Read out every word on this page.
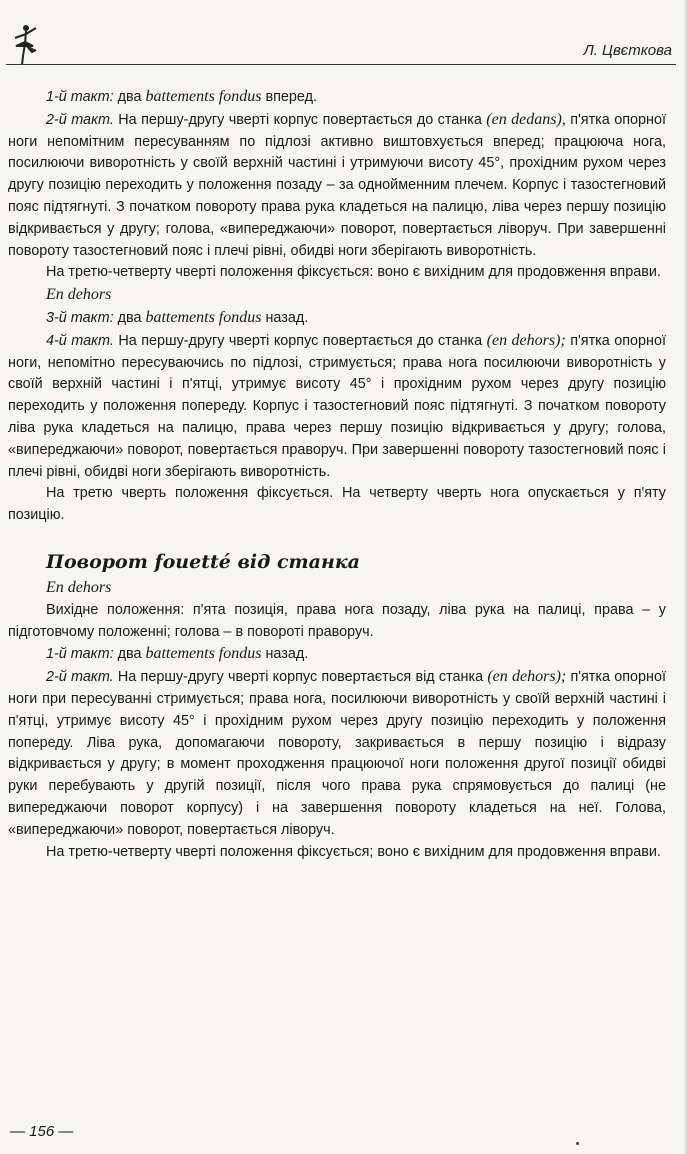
Л. Цвєткова

1-й такт: два battements fondus вперед.

2-й такт. На першу-другу чверті корпус повертається до станка (en dedans), п'ятка опорної ноги непомітним пересуванням по підлозі активно виштовхується вперед; працююча нога, посилюючи виворотність у своїй верхній частині і утримуючи висоту 45°, прохідним рухом через другу позицію переходить у положення позаду – за однойменним плечем. Корпус і тазостегновий пояс підтягнуті. З початком повороту права рука кладеться на палицю, ліва через першу позицію відкривається у другу; голова, «випереджаючи» поворот, повертається ліворуч. При завершенні повороту тазостегновий пояс і плечі рівні, обидві ноги зберігають виворотність.

На третю-четверту чверті положення фіксується: воно є вихідним для продовження вправи.

En dehors

3-й такт: два battements fondus назад.

4-й такт. На першу-другу чверті корпус повертається до станка (en dehors); п'ятка опорної ноги, непомітно пересуваючись по підлозі, стримується; права нога посилюючи виворотність у своїй верхній частині і п'ятці, утримує висоту 45° і прохідним рухом через другу позицію переходить у положення попереду. Корпус і тазостегновий пояс підтягнуті. З початком повороту ліва рука кладеться на палицю, права через першу позицію відкривається у другу; голова, «випереджаючи» поворот, повертається праворуч. При завершенні повороту тазостегновий пояс і плечі рівні, обидві ноги зберігають виворотність.

На третю чверть положення фіксується. На четверту чверть нога опускається у п'яту позицію.

Поворот fouetté від станка

En dehors

Вихідне положення: п'ята позиція, права нога позаду, ліва рука на палиці, права – у підготовчому положенні; голова – в повороті праворуч.

1-й такт: два battements fondus назад.

2-й такт. На першу-другу чверті корпус повертається від станка (en dehors); п'ятка опорної ноги при пересуванні стримується; права нога, посилюючи виворотність у своїй верхній частині і п'ятці, утримує висоту 45° і прохідним рухом через другу позицію переходить у положення попереду. Ліва рука, допомагаючи повороту, закривається в першу позицію і відразу відкривається у другу; в момент проходження працюючої ноги положення другої позиції обидві руки перебувають у другій позиції, після чого права рука спрямовується до палиці (не випереджаючи поворот корпусу) і на завершення повороту кладеться на неї. Голова, «випереджаючи» поворот, повертається ліворуч.

На третю-четверту чверті положення фіксується; воно є вихідним для продовження вправи.

— 156 —
